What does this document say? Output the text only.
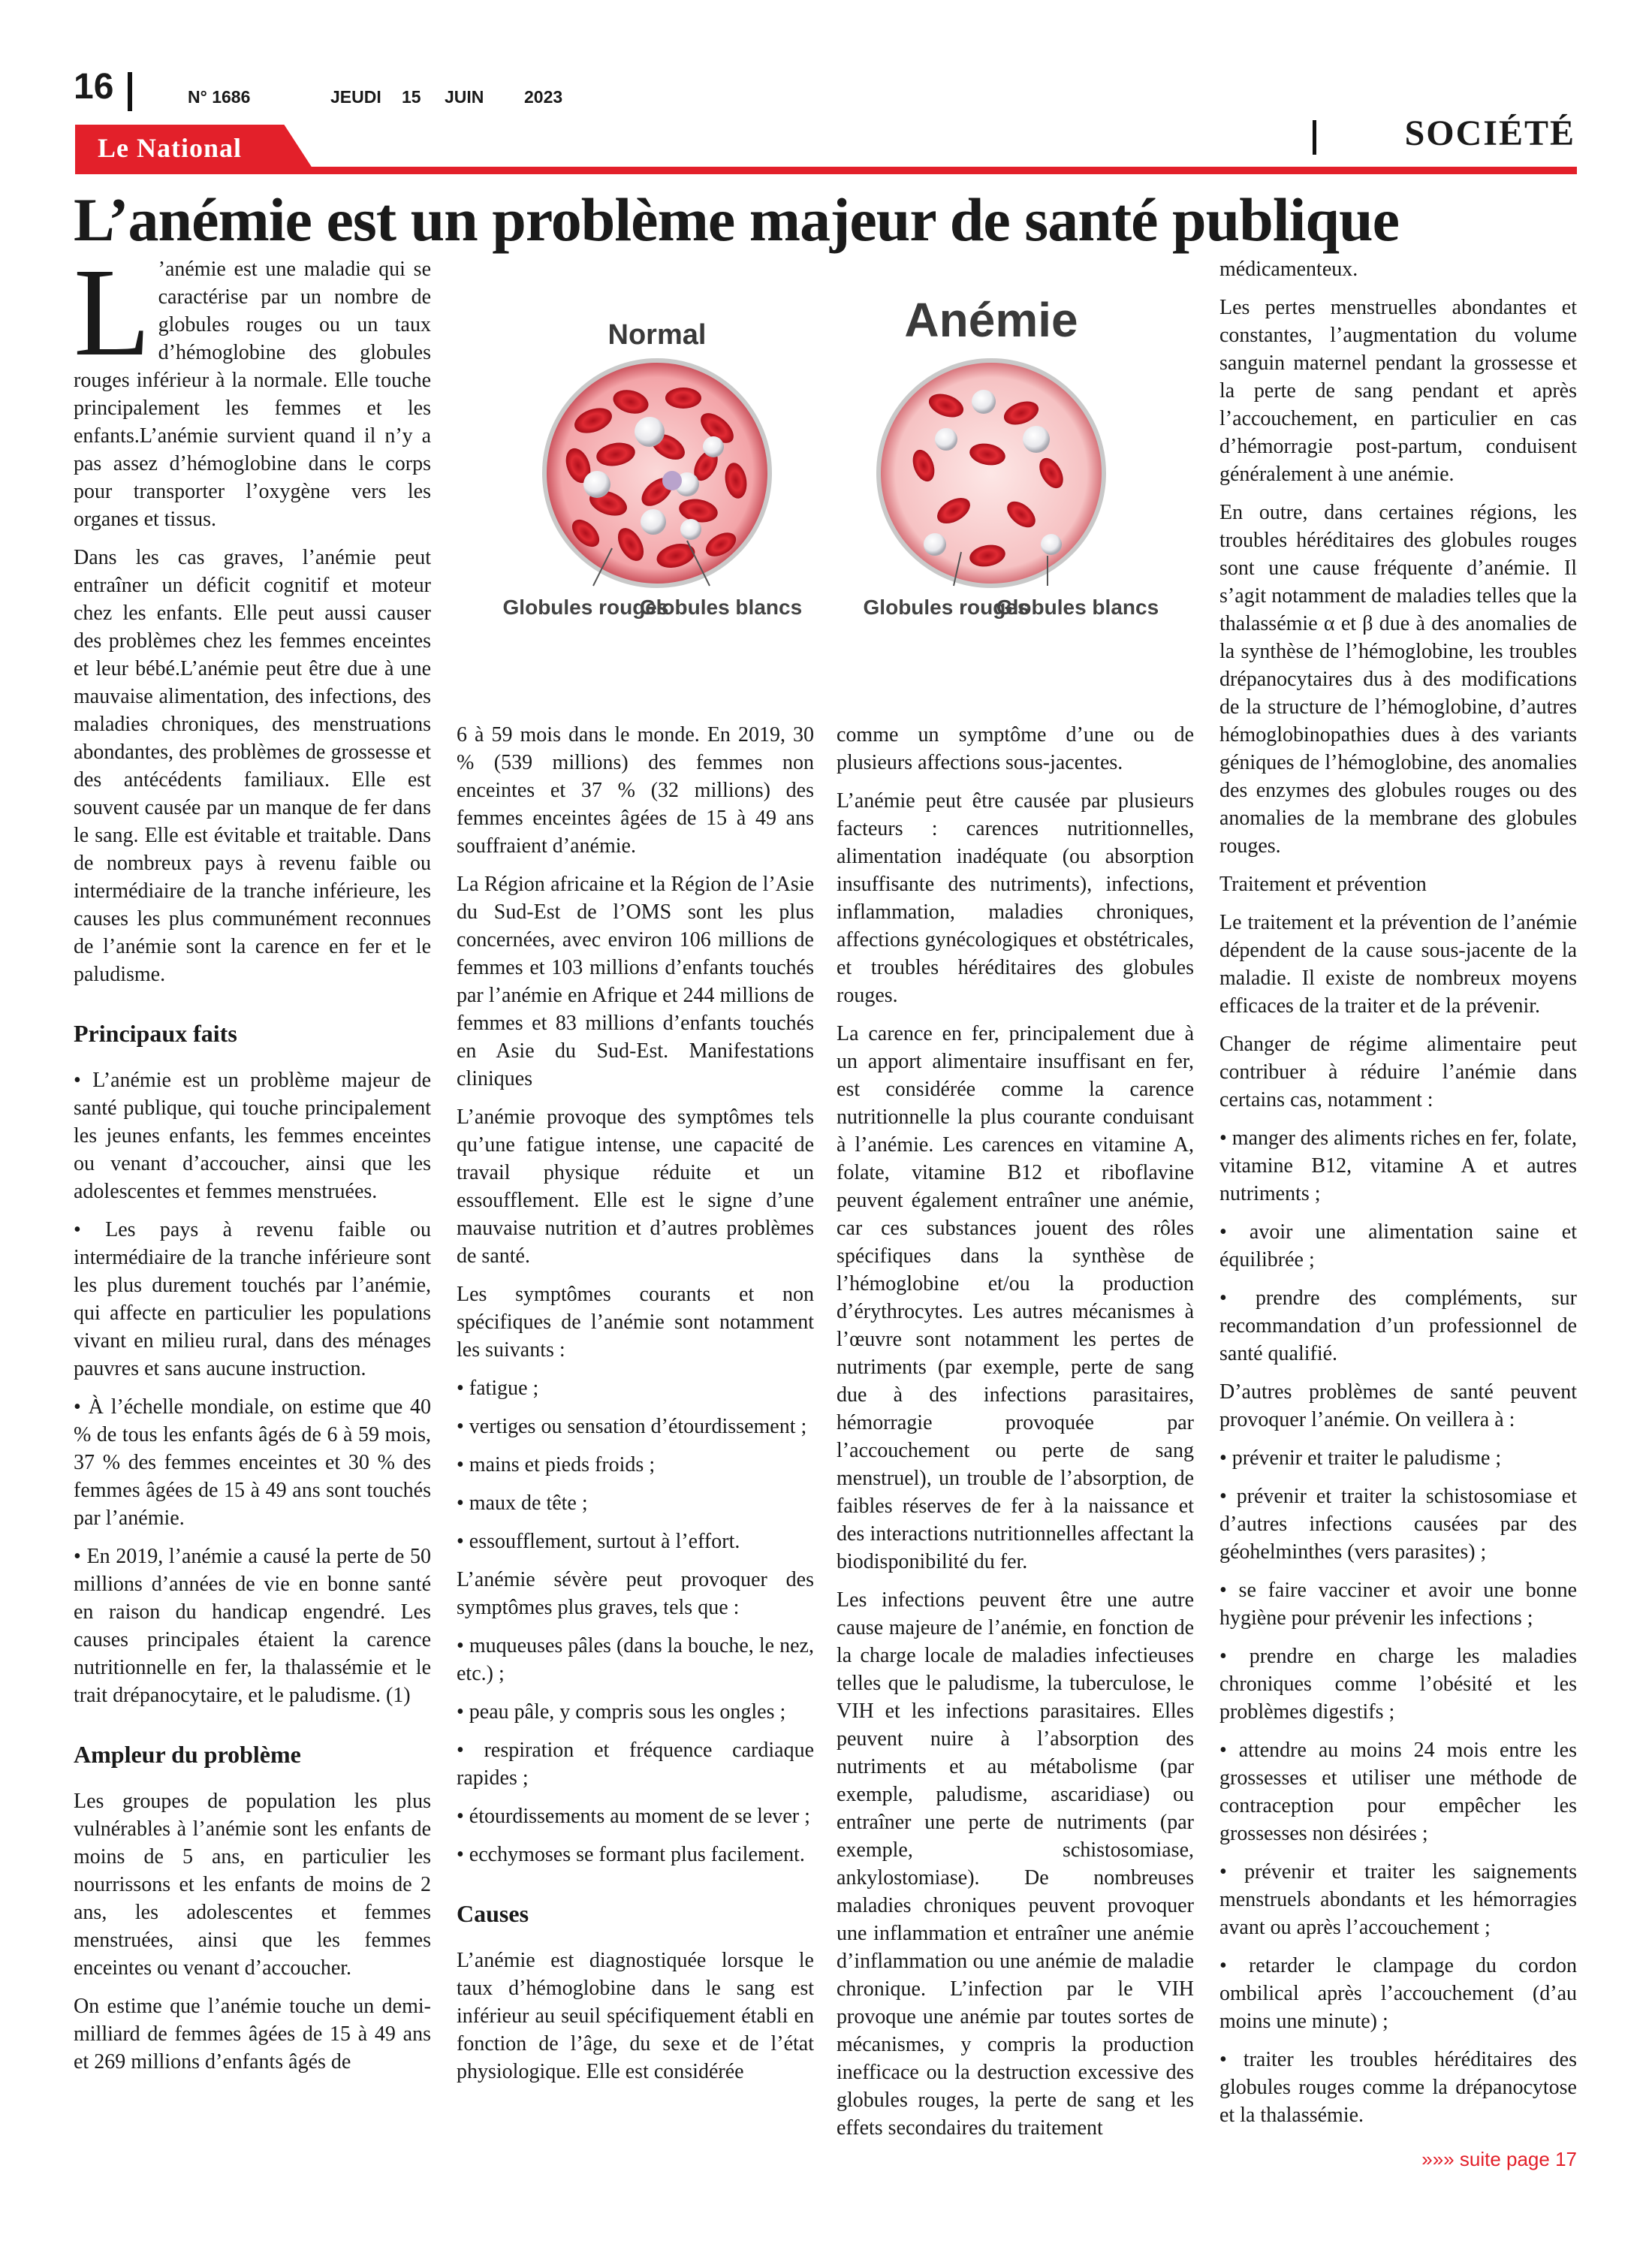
16	N° 1686	JEUDI 15 JUIN 2023
Le National	SOCIÉTÉ
L’anémie est un problème majeur de santé publique
Normal
Globules rouges
Globules blancs
Anémie
Globules rouges
Globules blancs

L ’anémie est une maladie qui se caractérise par un nombre de globules rouges ou un taux d’hémoglobine des globules rouges inférieur à la normale. Elle touche principalement les femmes et les enfants.L’anémie survient quand il n’y a pas assez d’hémoglobine dans le corps pour transporter l’oxygène vers les organes et tissus.

Dans les cas graves, l’anémie peut entraîner un déficit cognitif et moteur chez les enfants. Elle peut aussi causer des problèmes chez les femmes enceintes et leur bébé.L’anémie peut être due à une mauvaise alimentation, des infections, des maladies chroniques, des menstruations abondantes, des problèmes de grossesse et des antécédents familiaux. Elle est souvent causée par un manque de fer dans le sang. Elle est évitable et traitable. Dans de nombreux pays à revenu faible ou intermédiaire de la tranche inférieure, les causes les plus communément reconnues de l’anémie sont la carence en fer et le paludisme.

Principaux faits

• L’anémie est un problème majeur de santé publique, qui touche principalement les jeunes enfants, les femmes enceintes ou venant d’accoucher, ainsi que les adolescentes et femmes menstruées.

• Les pays à revenu faible ou intermédiaire de la tranche inférieure sont les plus durement touchés par l’anémie, qui affecte en particulier les populations vivant en milieu rural, dans des ménages pauvres et sans aucune instruction.

• À l’échelle mondiale, on estime que 40 % de tous les enfants âgés de 6 à 59 mois, 37 % des femmes enceintes et 30 % des femmes âgées de 15 à 49 ans sont touchés par l’anémie.

• En 2019, l’anémie a causé la perte de 50 millions d’années de vie en bonne santé en raison du handicap engendré. Les causes principales étaient la carence nutritionnelle en fer, la thalassémie et le trait drépanocytaire, et le paludisme. (1)

Ampleur du problème

Les groupes de population les plus vulnérables à l’anémie sont les enfants de moins de 5 ans, en particulier les nourrissons et les enfants de moins de 2 ans, les adolescentes et femmes menstruées, ainsi que les femmes enceintes ou venant d’accoucher.

On estime que l’anémie touche un demi-milliard de femmes âgées de 15 à 49 ans et 269 millions d’enfants âgés de

6 à 59 mois dans le monde. En 2019, 30 % (539 millions) des femmes non enceintes et 37 % (32 millions) des femmes enceintes âgées de 15 à 49 ans souffraient d’anémie.

La Région africaine et la Région de l’Asie du Sud-Est de l’OMS sont les plus concernées, avec environ 106 millions de femmes et 103 millions d’enfants touchés par l’anémie en Afrique et 244 millions de femmes et 83 millions d’enfants touchés en Asie du Sud-Est. Manifestations cliniques

L’anémie provoque des symptômes tels qu’une fatigue intense, une capacité de travail physique réduite et un essoufflement. Elle est le signe d’une mauvaise nutrition et d’autres problèmes de santé.

Les symptômes courants et non spécifiques de l’anémie sont notamment les suivants :

• fatigue ;

• vertiges ou sensation d’étourdissement ;

• mains et pieds froids ;

• maux de tête ;

• essoufflement, surtout à l’effort.

L’anémie sévère peut provoquer des symptômes plus graves, tels que :

• muqueuses pâles (dans la bouche, le nez, etc.) ;

• peau pâle, y compris sous les ongles ;

• respiration et fréquence cardiaque rapides ;

• étourdissements au moment de se lever ;

• ecchymoses se formant plus facilement.

Causes

L’anémie est diagnostiquée lorsque le taux d’hémoglobine dans le sang est inférieur au seuil spécifiquement établi en fonction de l’âge, du sexe et de l’état physiologique. Elle est considérée

comme un symptôme d’une ou de plusieurs affections sous-jacentes.

L’anémie peut être causée par plusieurs facteurs : carences nutritionnelles, alimentation inadéquate (ou absorption insuffisante des nutriments), infections, inflammation, maladies chroniques, affections gynécologiques et obstétricales, et troubles héréditaires des globules rouges.

La carence en fer, principalement due à un apport alimentaire insuffisant en fer, est considérée comme la carence nutritionnelle la plus courante conduisant à l’anémie. Les carences en vitamine A, folate, vitamine B12 et riboflavine peuvent également entraîner une anémie, car ces substances jouent des rôles spécifiques dans la synthèse de l’hémoglobine et/ou la production d’érythrocytes. Les autres mécanismes à l’œuvre sont notamment les pertes de nutriments (par exemple, perte de sang due à des infections parasitaires, hémorragie provoquée par l’accouchement ou perte de sang menstruel), un trouble de l’absorption, de faibles réserves de fer à la naissance et des interactions nutritionnelles affectant la biodisponibilité du fer.

Les infections peuvent être une autre cause majeure de l’anémie, en fonction de la charge locale de maladies infectieuses telles que le paludisme, la tuberculose, le VIH et les infections parasitaires. Elles peuvent nuire à l’absorption des nutriments et au métabolisme (par exemple, paludisme, ascaridiase) ou entraîner une perte de nutriments (par exemple, schistosomiase, ankylostomiase). De nombreuses maladies chroniques peuvent provoquer une inflammation et entraîner une anémie d’inflammation ou une anémie de maladie chronique. L’infection par le VIH provoque une anémie par toutes sortes de mécanismes, y compris la production inefficace ou la destruction excessive des globules rouges, la perte de sang et les effets secondaires du traitement

médicamenteux.

Les pertes menstruelles abondantes et constantes, l’augmentation du volume sanguin maternel pendant la grossesse et la perte de sang pendant et après l’accouchement, en particulier en cas d’hémorragie post-partum, conduisent généralement à une anémie.

En outre, dans certaines régions, les troubles héréditaires des globules rouges sont une cause fréquente d’anémie. Il s’agit notamment de maladies telles que la thalassémie α et β due à des anomalies de la synthèse de l’hémoglobine, les troubles drépanocytaires dus à des modifications de la structure de l’hémoglobine, d’autres hémoglobinopathies dues à des variants géniques de l’hémoglobine, des anomalies des enzymes des globules rouges ou des anomalies de la membrane des globules rouges.

Traitement et prévention

Le traitement et la prévention de l’anémie dépendent de la cause sous-jacente de la maladie. Il existe de nombreux moyens efficaces de la traiter et de la prévenir.

Changer de régime alimentaire peut contribuer à réduire l’anémie dans certains cas, notamment :

• manger des aliments riches en fer, folate, vitamine B12, vitamine A et autres nutriments ;

• avoir une alimentation saine et équilibrée ;

• prendre des compléments, sur recommandation d’un professionnel de santé qualifié.

D’autres problèmes de santé peuvent provoquer l’anémie. On veillera à :

• prévenir et traiter le paludisme ;

• prévenir et traiter la schistosomiase et d’autres infections causées par des géohelminthes (vers parasites) ;

• se faire vacciner et avoir une bonne hygiène pour prévenir les infections ;

• prendre en charge les maladies chroniques comme l’obésité et les problèmes digestifs ;

• attendre au moins 24 mois entre les grossesses et utiliser une méthode de contraception pour empêcher les grossesses non désirées ;

• prévenir et traiter les saignements menstruels abondants et les hémorragies avant ou après l’accouchement ;

• retarder le clampage du cordon ombilical après l’accouchement (d’au moins une minute) ;

• traiter les troubles héréditaires des globules rouges comme la drépanocytose et la thalassémie.

»»» suite page 17
